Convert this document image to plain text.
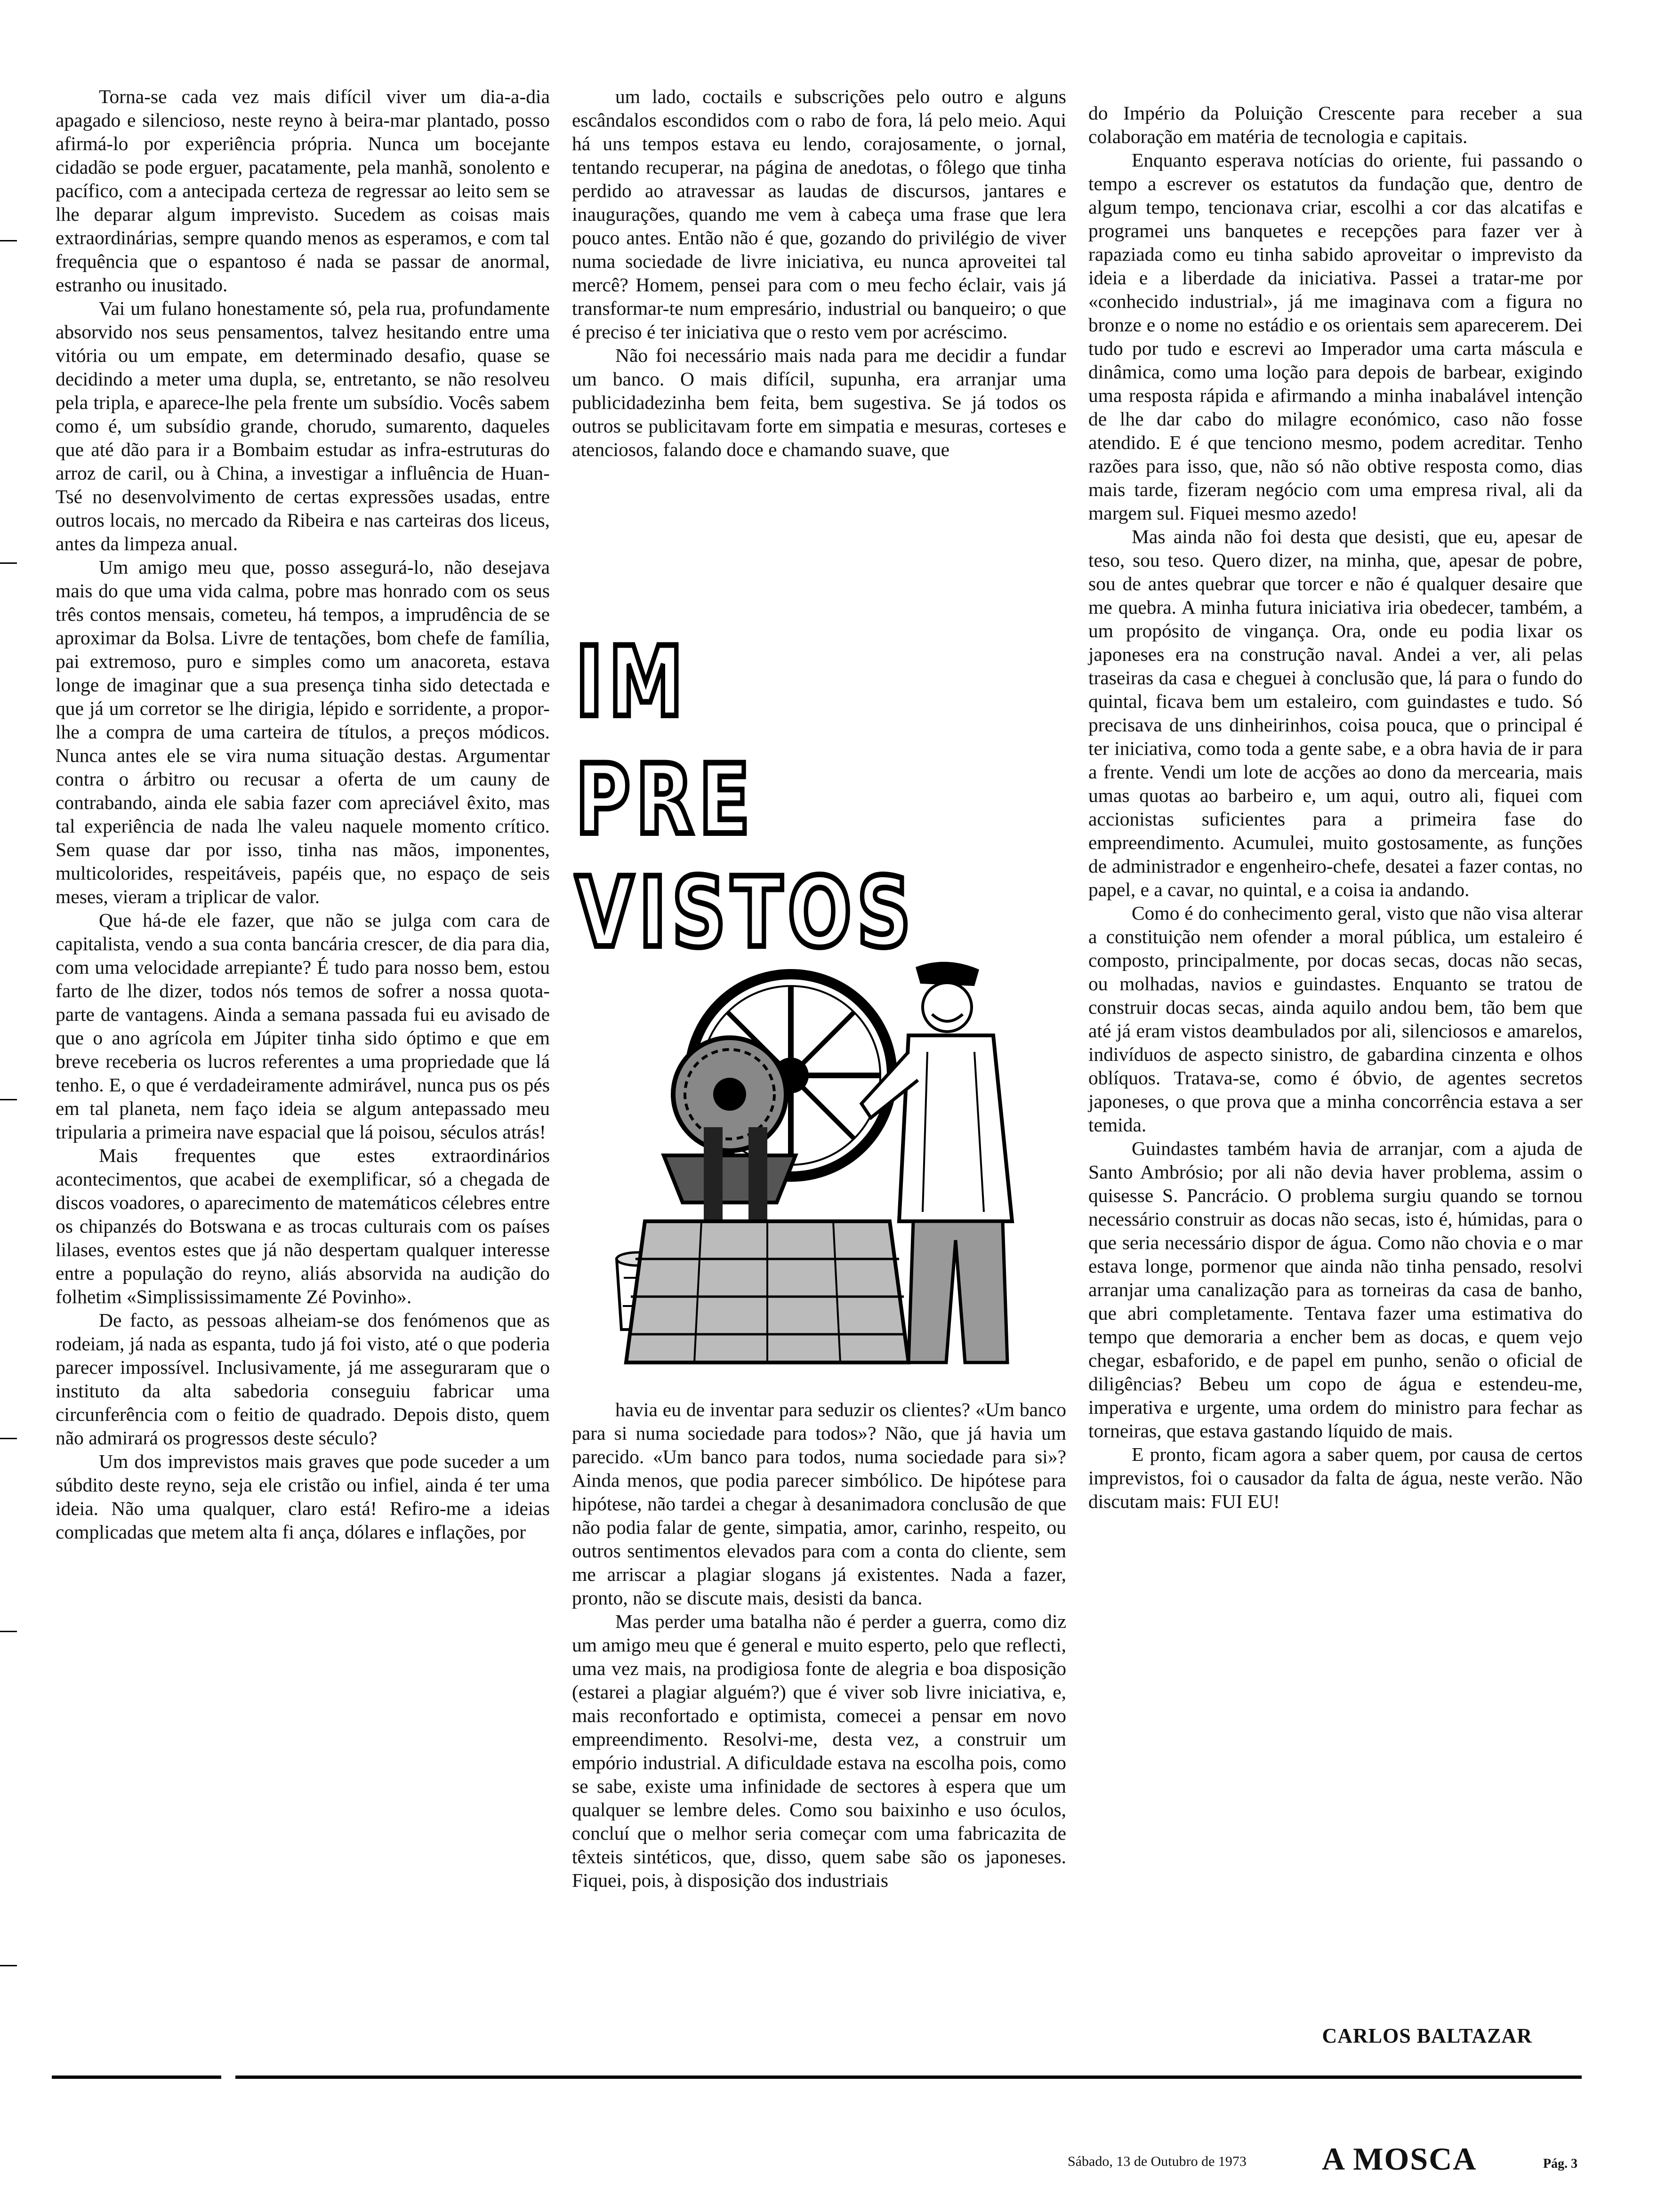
Torna-se cada vez mais difícil viver um dia-a-dia apagado e silencioso, neste reyno à beira-mar plantado, posso afirmá-lo por experiência própria. Nunca um bocejante cidadão se pode erguer, pacatamente, pela manhã, sonolento e pacífico, com a antecipada certeza de regressar ao leito sem se lhe deparar algum imprevisto. Sucedem as coisas mais extraordinárias, sempre quando menos as esperamos, e com tal frequência que o espantoso é nada se passar de anormal, estranho ou inusitado.

Vai um fulano honestamente só, pela rua, profundamente absorvido nos seus pensamentos, talvez hesitando entre uma vitória ou um empate, em determinado desafio, quase se decidindo a meter uma dupla, se, entretanto, se não resolveu pela tripla, e aparece-lhe pela frente um subsídio. Vocês sabem como é, um subsídio grande, chorudo, sumarento, daqueles que até dão para ir a Bombaim estudar as infra-estruturas do arroz de caril, ou à China, a investigar a influência de Huan-Tsé no desenvolvimento de certas expressões usadas, entre outros locais, no mercado da Ribeira e nas carteiras dos liceus, antes da limpeza anual.

Um amigo meu que, posso assegurá-lo, não desejava mais do que uma vida calma, pobre mas honrado com os seus três contos mensais, cometeu, há tempos, a imprudência de se aproximar da Bolsa. Livre de tentações, bom chefe de família, pai extremoso, puro e simples como um anacoreta, estava longe de imaginar que a sua presença tinha sido detectada e que já um corretor se lhe dirigia, lépido e sorridente, a propor-lhe a compra de uma carteira de títulos, a preços módicos. Nunca antes ele se vira numa situação destas. Argumentar contra o árbitro ou recusar a oferta de um cauny de contrabando, ainda ele sabia fazer com apreciável êxito, mas tal experiência de nada lhe valeu naquele momento crítico. Sem quase dar por isso, tinha nas mãos, imponentes, multicolorides, respeitáveis, papéis que, no espaço de seis meses, vieram a triplicar de valor.

Que há-de ele fazer, que não se julga com cara de capitalista, vendo a sua conta bancária crescer, de dia para dia, com uma velocidade arrepiante? É tudo para nosso bem, estou farto de lhe dizer, todos nós temos de sofrer a nossa quota-parte de vantagens. Ainda a semana passada fui eu avisado de que o ano agrícola em Júpiter tinha sido óptimo e que em breve receberia os lucros referentes a uma propriedade que lá tenho. E, o que é verdadeiramente admirável, nunca pus os pés em tal planeta, nem faço ideia se algum antepassado meu tripularia a primeira nave espacial que lá poisou, séculos atrás!

Mais frequentes que estes extraordinários acontecimentos, que acabei de exemplificar, só a chegada de discos voadores, o aparecimento de matemáticos célebres entre os chipanzés do Botswana e as trocas culturais com os países lilases, eventos estes que já não despertam qualquer interesse entre a população do reyno, aliás absorvida na audição do folhetim «Simplississimamente Zé Povinho».

De facto, as pessoas alheiam-se dos fenómenos que as rodeiam, já nada as espanta, tudo já foi visto, até o que poderia parecer impossível. Inclusivamente, já me asseguraram que o instituto da alta sabedoria conseguiu fabricar uma circunferência com o feitio de quadrado. Depois disto, quem não admirará os progressos deste século?

Um dos imprevistos mais graves que pode suceder a um súbdito deste reyno, seja ele cristão ou infiel, ainda é ter uma ideia. Não uma qualquer, claro está! Refiro-me a ideias complicadas que metem alta fi ança, dólares e inflações, por

um lado, coctails e subscrições pelo outro e alguns escândalos escondidos com o rabo de fora, lá pelo meio. Aqui há uns tempos estava eu lendo, corajosamente, o jornal, tentando recuperar, na página de anedotas, o fôlego que tinha perdido ao atravessar as laudas de discursos, jantares e inaugurações, quando me vem à cabeça uma frase que lera pouco antes. Então não é que, gozando do privilégio de viver numa sociedade de livre iniciativa, eu nunca aproveitei tal mercê? Homem, pensei para com o meu fecho éclair, vais já transformar-te num empresário, industrial ou banqueiro; o que é preciso é ter iniciativa que o resto vem por acréscimo.

Não foi necessário mais nada para me decidir a fundar um banco. O mais difícil, supunha, era arranjar uma publicidadezinha bem feita, bem sugestiva. Se já todos os outros se publicitavam forte em simpatia e mesuras, corteses e atenciosos, falando doce e chamando suave, que

IM
PRE
VISTOS

havia eu de inventar para seduzir os clientes? «Um banco para si numa sociedade para todos»? Não, que já havia um parecido. «Um banco para todos, numa sociedade para si»? Ainda menos, que podia parecer simbólico. De hipótese para hipótese, não tardei a chegar à desanimadora conclusão de que não podia falar de gente, simpatia, amor, carinho, respeito, ou outros sentimentos elevados para com a conta do cliente, sem me arriscar a plagiar slogans já existentes. Nada a fazer, pronto, não se discute mais, desisti da banca.

Mas perder uma batalha não é perder a guerra, como diz um amigo meu que é general e muito esperto, pelo que reflecti, uma vez mais, na prodigiosa fonte de alegria e boa disposição (estarei a plagiar alguém?) que é viver sob livre iniciativa, e, mais reconfortado e optimista, comecei a pensar em novo empreendimento. Resolvi-me, desta vez, a construir um empório industrial. A dificuldade estava na escolha pois, como se sabe, existe uma infinidade de sectores à espera que um qualquer se lembre deles. Como sou baixinho e uso óculos, concluí que o melhor seria começar com uma fabricazita de têxteis sintéticos, que, disso, quem sabe são os japoneses. Fiquei, pois, à disposição dos industriais

do Império da Poluição Crescente para receber a sua colaboração em matéria de tecnologia e capitais.

Enquanto esperava notícias do oriente, fui passando o tempo a escrever os estatutos da fundação que, dentro de algum tempo, tencionava criar, escolhi a cor das alcatifas e programei uns banquetes e recepções para fazer ver à rapaziada como eu tinha sabido aproveitar o imprevisto da ideia e a liberdade da iniciativa. Passei a tratar-me por «conhecido industrial», já me imaginava com a figura no bronze e o nome no estádio e os orientais sem aparecerem. Dei tudo por tudo e escrevi ao Imperador uma carta máscula e dinâmica, como uma loção para depois de barbear, exigindo uma resposta rápida e afirmando a minha inabalável intenção de lhe dar cabo do milagre económico, caso não fosse atendido. E é que tenciono mesmo, podem acreditar. Tenho razões para isso, que, não só não obtive resposta como, dias mais tarde, fizeram negócio com uma empresa rival, ali da margem sul. Fiquei mesmo azedo!

Mas ainda não foi desta que desisti, que eu, apesar de teso, sou teso. Quero dizer, na minha, que, apesar de pobre, sou de antes quebrar que torcer e não é qualquer desaire que me quebra. A minha futura iniciativa iria obedecer, também, a um propósito de vingança. Ora, onde eu podia lixar os japoneses era na construção naval. Andei a ver, ali pelas traseiras da casa e cheguei à conclusão que, lá para o fundo do quintal, ficava bem um estaleiro, com guindastes e tudo. Só precisava de uns dinheirinhos, coisa pouca, que o principal é ter iniciativa, como toda a gente sabe, e a obra havia de ir para a frente. Vendi um lote de acções ao dono da mercearia, mais umas quotas ao barbeiro e, um aqui, outro ali, fiquei com accionistas suficientes para a primeira fase do empreendimento. Acumulei, muito gostosamente, as funções de administrador e engenheiro-chefe, desatei a fazer contas, no papel, e a cavar, no quintal, e a coisa ia andando.

Como é do conhecimento geral, visto que não visa alterar a constituição nem ofender a moral pública, um estaleiro é composto, principalmente, por docas secas, docas não secas, ou molhadas, navios e guindastes. Enquanto se tratou de construir docas secas, ainda aquilo andou bem, tão bem que até já eram vistos deambulados por ali, silenciosos e amarelos, indivíduos de aspecto sinistro, de gabardina cinzenta e olhos oblíquos. Tratava-se, como é óbvio, de agentes secretos japoneses, o que prova que a minha concorrência estava a ser temida.

Guindastes também havia de arranjar, com a ajuda de Santo Ambrósio; por ali não devia haver problema, assim o quisesse S. Pancrácio. O problema surgiu quando se tornou necessário construir as docas não secas, isto é, húmidas, para o que seria necessário dispor de água. Como não chovia e o mar estava longe, pormenor que ainda não tinha pensado, resolvi arranjar uma canalização para as torneiras da casa de banho, que abri completamente. Tentava fazer uma estimativa do tempo que demoraria a encher bem as docas, e quem vejo chegar, esbaforido, e de papel em punho, senão o oficial de diligências? Bebeu um copo de água e estendeu-me, imperativa e urgente, uma ordem do ministro para fechar as torneiras, que estava gastando líquido de mais.

E pronto, ficam agora a saber quem, por causa de certos imprevistos, foi o causador da falta de água, neste verão. Não discutam mais: FUI EU!

CARLOS BALTAZAR
Sábado, 13 de Outubro de 1973 A MOSCA	Pág. 3
